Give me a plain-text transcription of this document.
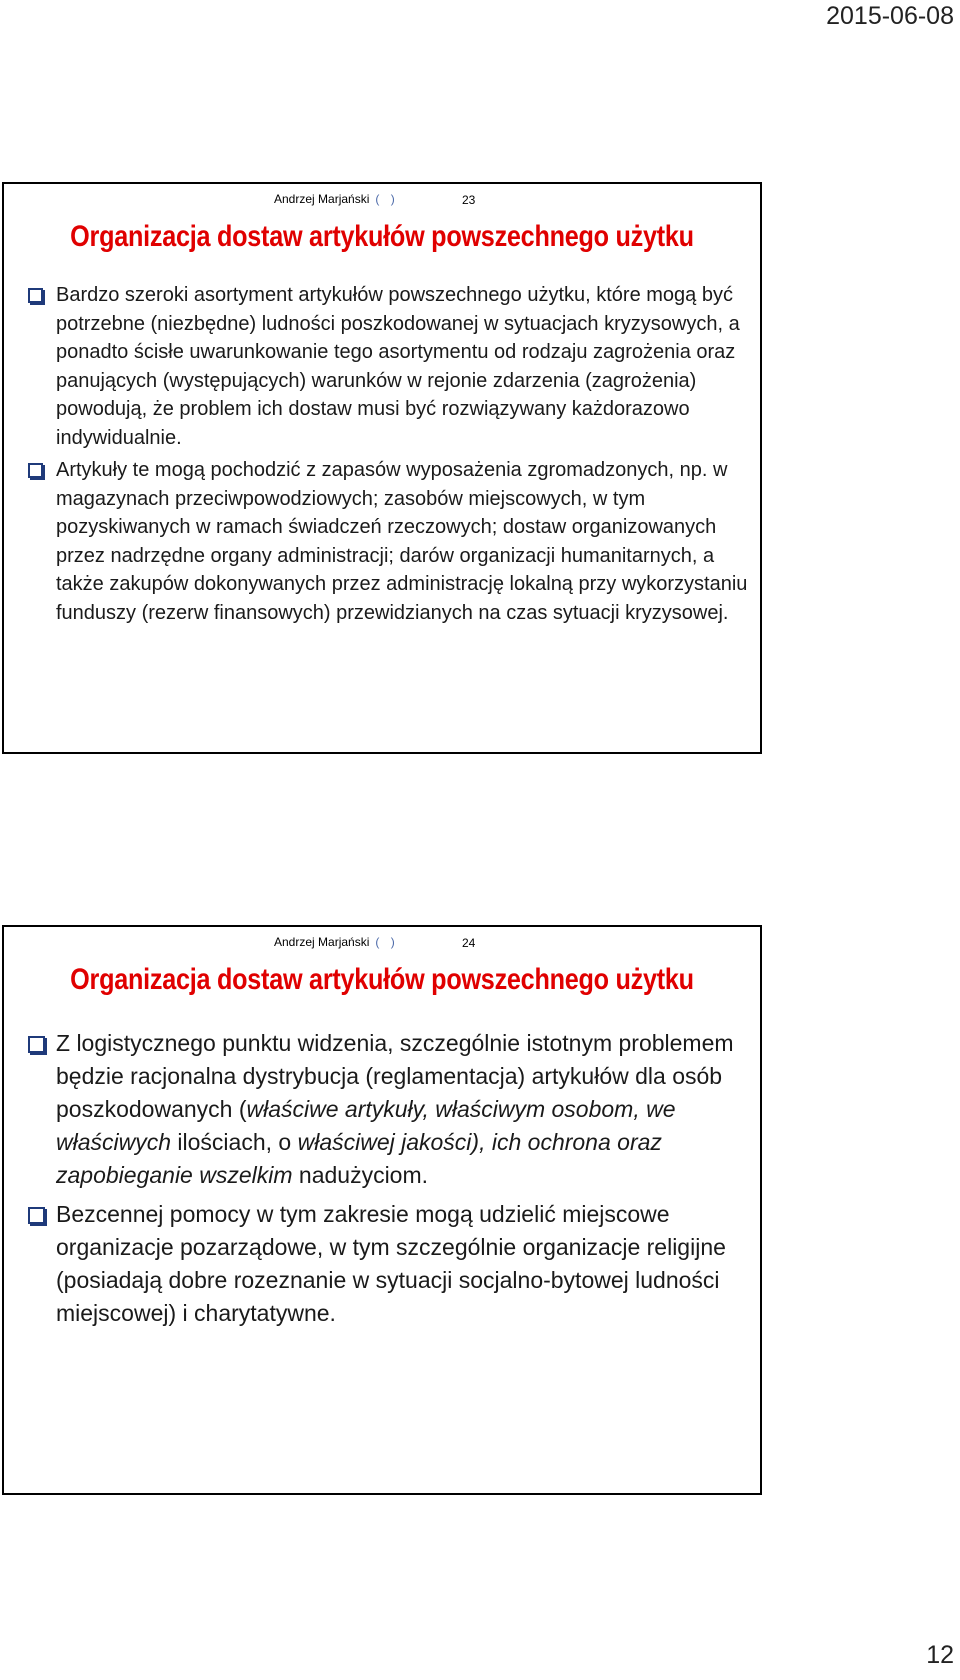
2015-06-08
Andrzej Marjański ( )	23
Organizacja dostaw artykułów powszechnego użytku
Bardzo szeroki asortyment artykułów powszechnego użytku, które mogą być potrzebne (niezbędne) ludności poszkodowanej w sytuacjach kryzysowych, a ponadto ścisłe uwarunkowanie tego asortymentu od rodzaju zagrożenia oraz panujących (występujących) warunków w rejonie zdarzenia (zagrożenia) powodują, że problem ich dostaw musi być rozwiązywany każdorazowo indywidualnie.
Artykuły te mogą pochodzić z zapasów wyposażenia zgromadzonych, np. w magazynach przeciwpowodziowych; zasobów miejscowych, w tym pozyskiwanych w ramach świadczeń rzeczowych; dostaw organizowanych przez nadrzędne organy administracji; darów organizacji humanitarnych, a także zakupów dokonywanych przez administrację lokalną przy wykorzystaniu funduszy (rezerw finansowych) przewidzianych na czas sytuacji kryzysowej.
Andrzej Marjański ( )	24
Organizacja dostaw artykułów powszechnego użytku
Z logistycznego punktu widzenia, szczególnie istotnym problemem będzie racjonalna dystrybucja (reglamentacja) artykułów dla osób poszkodowanych (właściwe artykuły, właściwym osobom, we właściwych ilościach, o właściwej jakości), ich ochrona oraz zapobieganie wszelkim nadużyciom.
Bezcennej pomocy w tym zakresie mogą udzielić miejscowe organizacje pozarządowe, w tym szczególnie organizacje religijne (posiadają dobre rozeznanie w sytuacji socjalno-bytowej ludności miejscowej) i charytatywne.
12
